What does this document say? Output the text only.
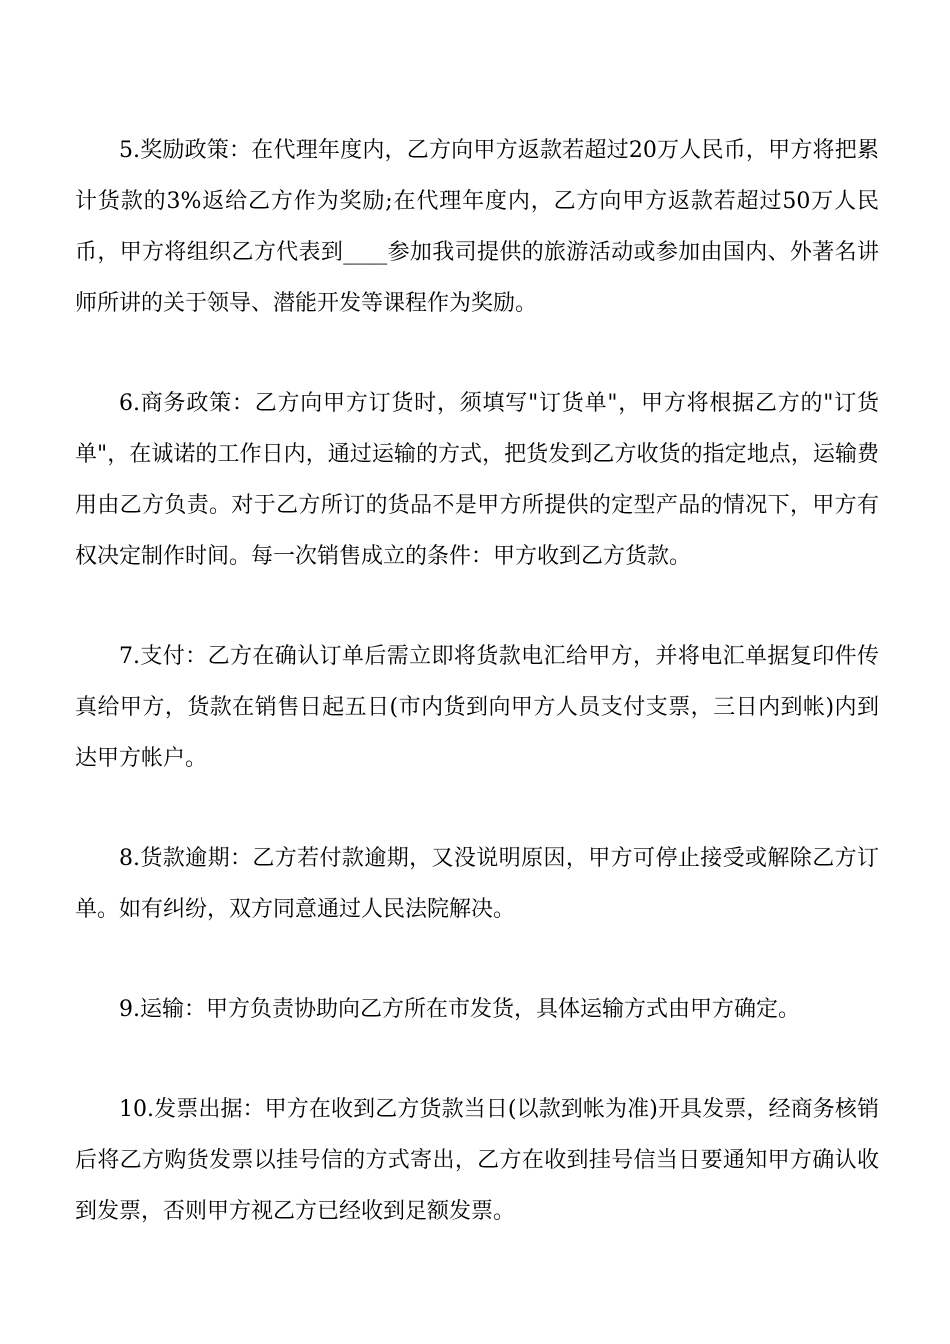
5.奖励政策：在代理年度内，乙方向甲方返款若超过20万人民币，甲方将把累计货款的3%返给乙方作为奖励;在代理年度内，乙方向甲方返款若超过50万人民币，甲方将组织乙方代表到____参加我司提供的旅游活动或参加由国内、外著名讲师所讲的关于领导、潜能开发等课程作为奖励。

6.商务政策：乙方向甲方订货时，须填写"订货单"，甲方将根据乙方的"订货单"，在诚诺的工作日内，通过运输的方式，把货发到乙方收货的指定地点，运输费用由乙方负责。对于乙方所订的货品不是甲方所提供的定型产品的情况下，甲方有权决定制作时间。每一次销售成立的条件：甲方收到乙方货款。

7.支付：乙方在确认订单后需立即将货款电汇给甲方，并将电汇单据复印件传真给甲方，货款在销售日起五日(市内货到向甲方人员支付支票，三日内到帐)内到达甲方帐户。

8.货款逾期：乙方若付款逾期，又没说明原因，甲方可停止接受或解除乙方订单。如有纠纷，双方同意通过人民法院解决。

9.运输：甲方负责协助向乙方所在市发货，具体运输方式由甲方确定。

10.发票出据：甲方在收到乙方货款当日(以款到帐为准)开具发票，经商务核销后将乙方购货发票以挂号信的方式寄出，乙方在收到挂号信当日要通知甲方确认收到发票，否则甲方视乙方已经收到足额发票。
